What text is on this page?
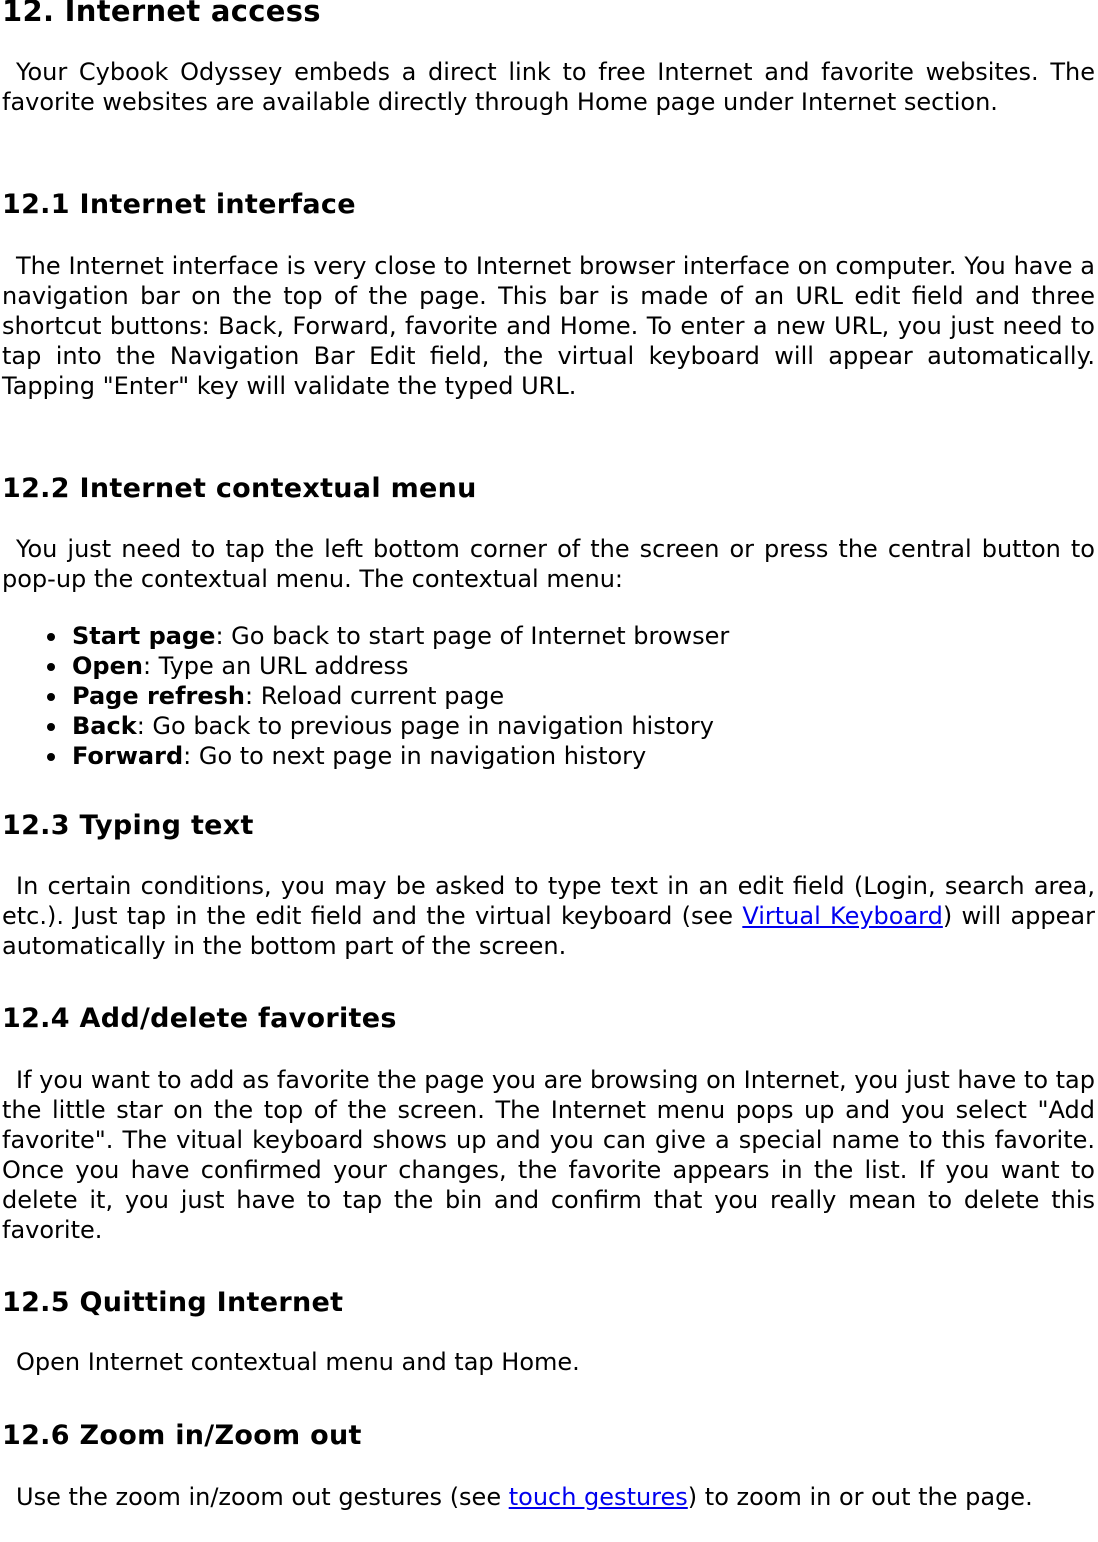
12. Internet access

Your Cybook Odyssey embeds a direct link to free Internet and favorite websites. The favorite websites are available directly through Home page under Internet section.

12.1 Internet interface

The Internet interface is very close to Internet browser interface on computer. You have a navigation bar on the top of the page. This bar is made of an URL edit field and three shortcut buttons: Back, Forward, favorite and Home. To enter a new URL, you just need to tap into the Navigation Bar Edit field, the virtual keyboard will appear automatically. Tapping "Enter" key will validate the typed URL.

12.2 Internet contextual menu

You just need to tap the left bottom corner of the screen or press the central button to pop-up the contextual menu. The contextual menu:

Start page: Go back to start page of Internet browser
Open: Type an URL address
Page refresh: Reload current page
Back: Go back to previous page in navigation history
Forward: Go to next page in navigation history
12.3 Typing text

In certain conditions, you may be asked to type text in an edit field (Login, search area, etc.). Just tap in the edit field and the virtual keyboard (see Virtual Keyboard) will appear automatically in the bottom part of the screen.

12.4 Add/delete favorites

If you want to add as favorite the page you are browsing on Internet, you just have to tap the little star on the top of the screen. The Internet menu pops up and you select "Add favorite". The vitual keyboard shows up and you can give a special name to this favorite. Once you have confirmed your changes, the favorite appears in the list. If you want to delete it, you just have to tap the bin and confirm that you really mean to delete this favorite.

12.5 Quitting Internet

Open Internet contextual menu and tap Home.

12.6 Zoom in/Zoom out

Use the zoom in/zoom out gestures (see touch gestures) to zoom in or out the page.
